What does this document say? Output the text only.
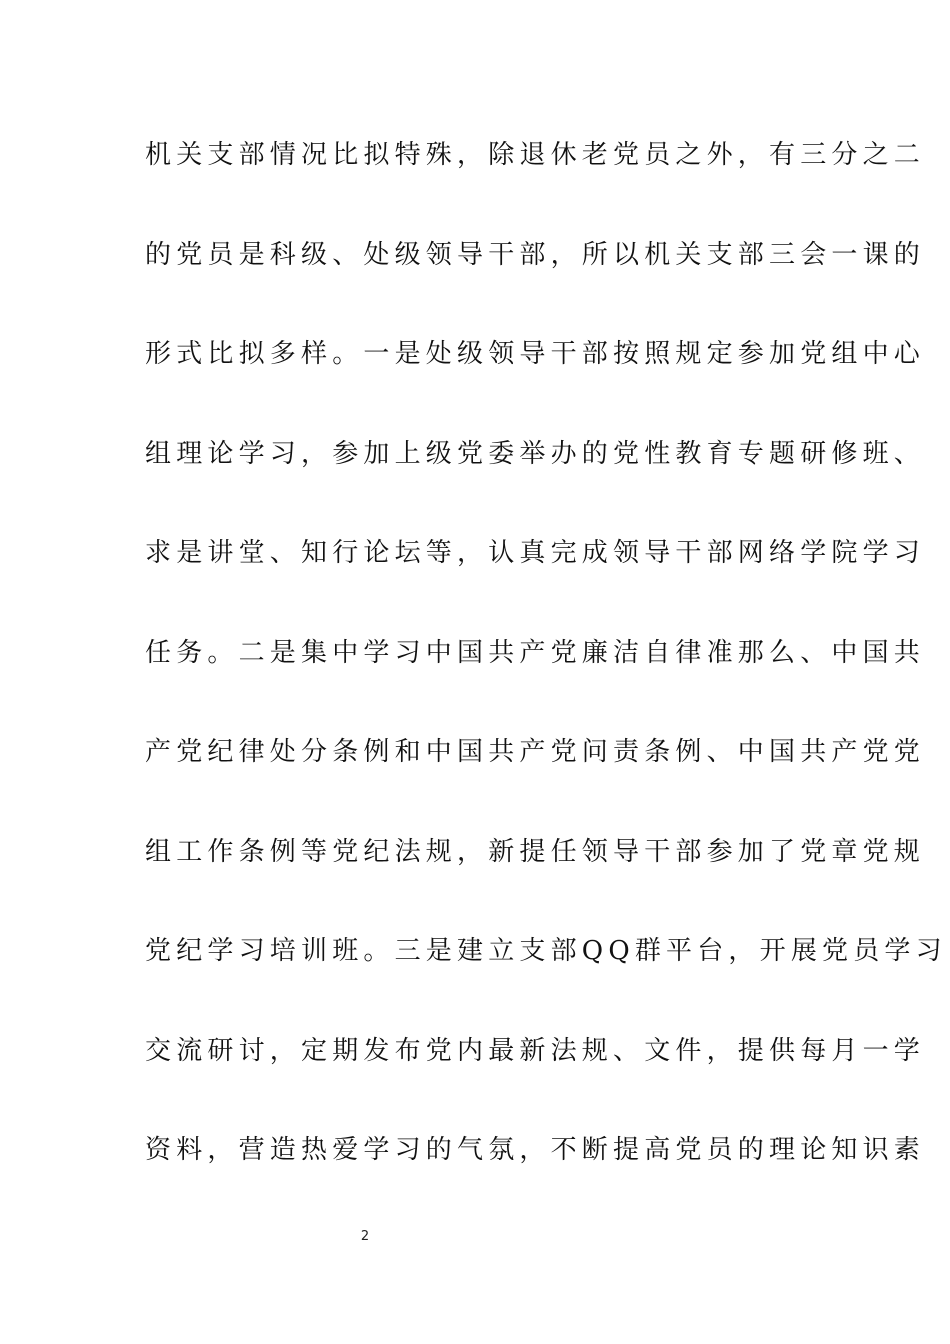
机关支部情况比拟特殊，除退休老党员之外，有三分之二
的党员是科级、处级领导干部，所以机关支部三会一课的
形式比拟多样。一是处级领导干部按照规定参加党组中心
组理论学习，参加上级党委举办的党性教育专题研修班、
求是讲堂、知行论坛等，认真完成领导干部网络学院学习
任务。二是集中学习中国共产党廉洁自律准那么、中国共
产党纪律处分条例和中国共产党问责条例、中国共产党党
组工作条例等党纪法规，新提任领导干部参加了党章党规
党纪学习培训班。三是建立支部QQ群平台，开展党员学习
交流研讨，定期发布党内最新法规、文件，提供每月一学
资料，营造热爱学习的气氛，不断提高党员的理论知识素
2
